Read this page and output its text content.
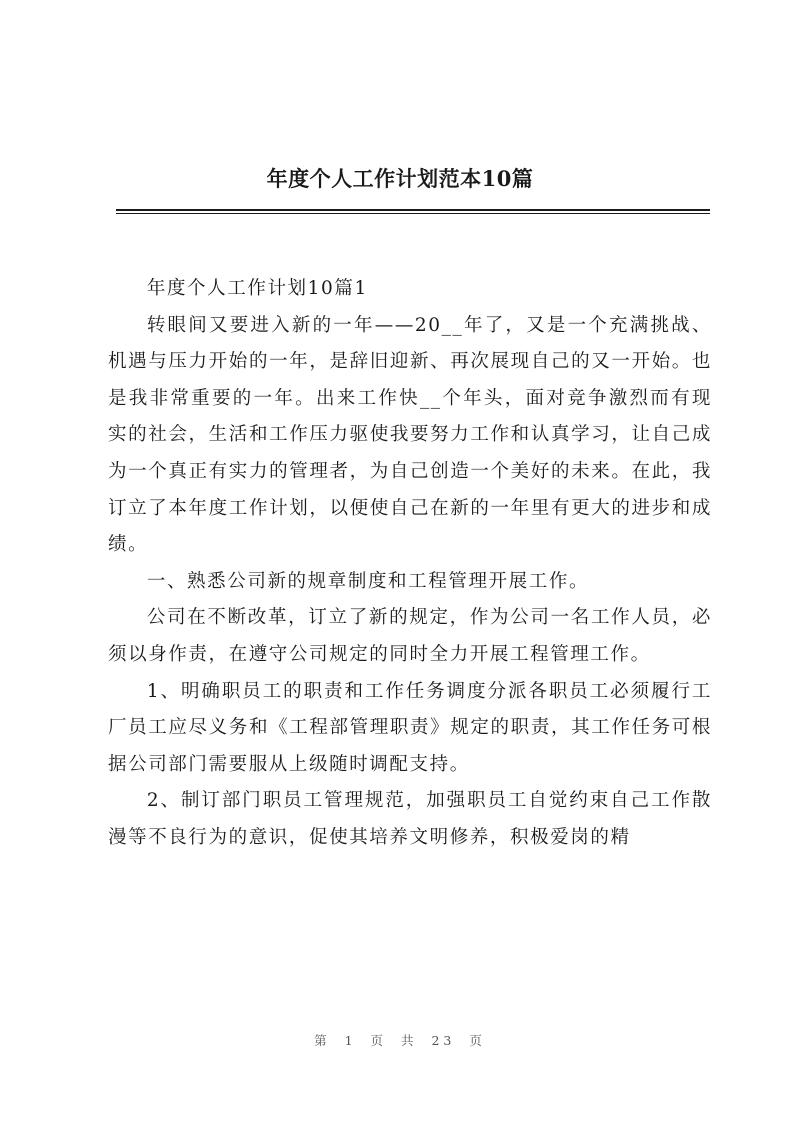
年度个人工作计划范本10篇

年度个人工作计划10篇1

转眼间又要进入新的一年——20__年了，又是一个充满挑战、机遇与压力开始的一年，是辞旧迎新、再次展现自己的又一开始。也是我非常重要的一年。出来工作快__个年头，面对竞争激烈而有现实的社会，生活和工作压力驱使我要努力工作和认真学习，让自己成为一个真正有实力的管理者，为自己创造一个美好的未来。在此，我订立了本年度工作计划，以便使自己在新的一年里有更大的进步和成绩。

一、熟悉公司新的规章制度和工程管理开展工作。

公司在不断改革，订立了新的规定，作为公司一名工作人员，必须以身作责，在遵守公司规定的同时全力开展工程管理工作。

1、明确职员工的职责和工作任务调度分派各职员工必须履行工厂员工应尽义务和《工程部管理职责》规定的职责，其工作任务可根据公司部门需要服从上级随时调配支持。

2、制订部门职员工管理规范，加强职员工自觉约束自己工作散漫等不良行为的意识，促使其培养文明修养，积极爱岗的精

第 1 页 共 23 页
